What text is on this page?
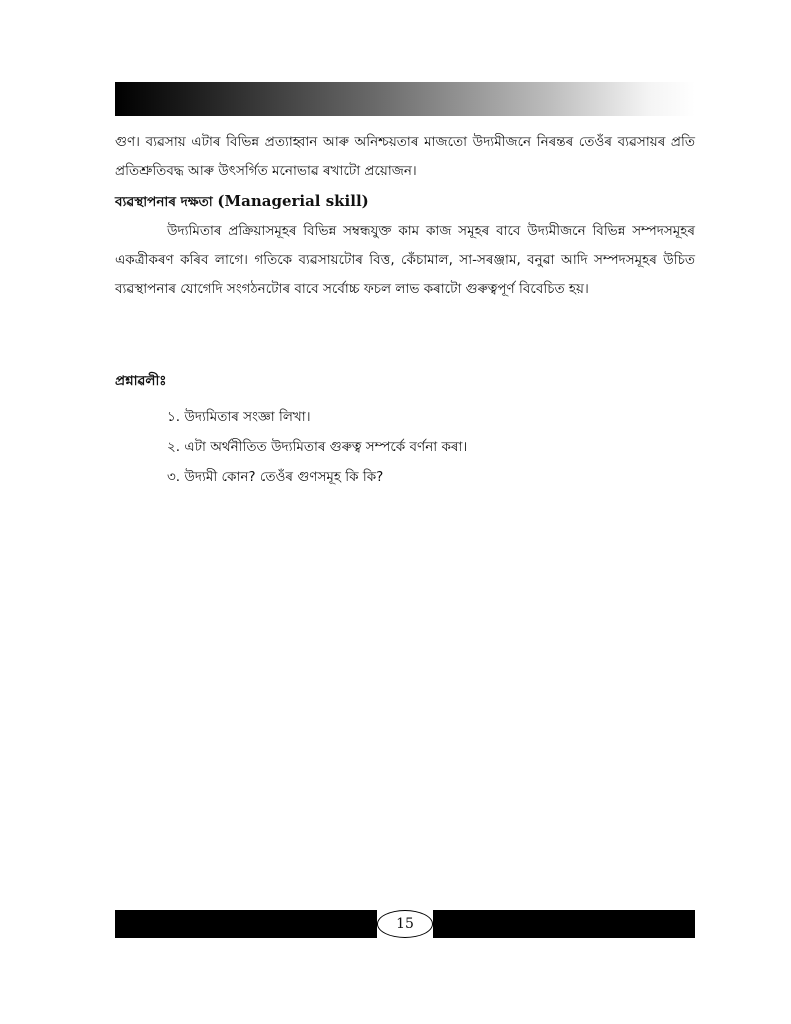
গুণ। ব্যৱসায় এটাৰ বিভিন্ন প্ৰত্যাহ্বান আৰু অনিশ্চয়তাৰ মাজতো উদ্যমীজনে নিৰন্তৰ তেওঁৰ ব্যৱসায়ৰ প্ৰতি প্ৰতিশ্ৰুতিবদ্ধ আৰু উৎসৰ্গিত মনোভাৱ ৰখাটো প্ৰয়োজন।

ব্যৱস্থাপনাৰ দক্ষতা (Managerial skill)

উদ্যমিতাৰ প্ৰক্ৰিয়াসমূহৰ বিভিন্ন সম্বন্ধযুক্ত কাম কাজ সমূহৰ বাবে উদ্যমীজনে বিভিন্ন সম্পদসমূহৰ একত্ৰীকৰণ কৰিব লাগে। গতিকে ব্যৱসায়টোৰ বিত্ত, কেঁচামাল, সা-সৰঞ্জাম, বনুৱা আদি সম্পদসমূহৰ উচিত ব্যৱস্থাপনাৰ যোগেদি সংগঠনটোৰ বাবে সৰ্বোচ্চ ফচল লাভ কৰাটো গুৰুত্বপূৰ্ণ বিবেচিত হয়।

প্ৰশ্নাৱলীঃ

১. উদ্যমিতাৰ সংজ্ঞা লিখা।
২. এটা অৰ্থনীতিত উদ্যমিতাৰ গুৰুত্ব সম্পৰ্কে বৰ্ণনা কৰা।
৩. উদ্যমী কোন? তেওঁৰ গুণসমূহ কি কি?
15
